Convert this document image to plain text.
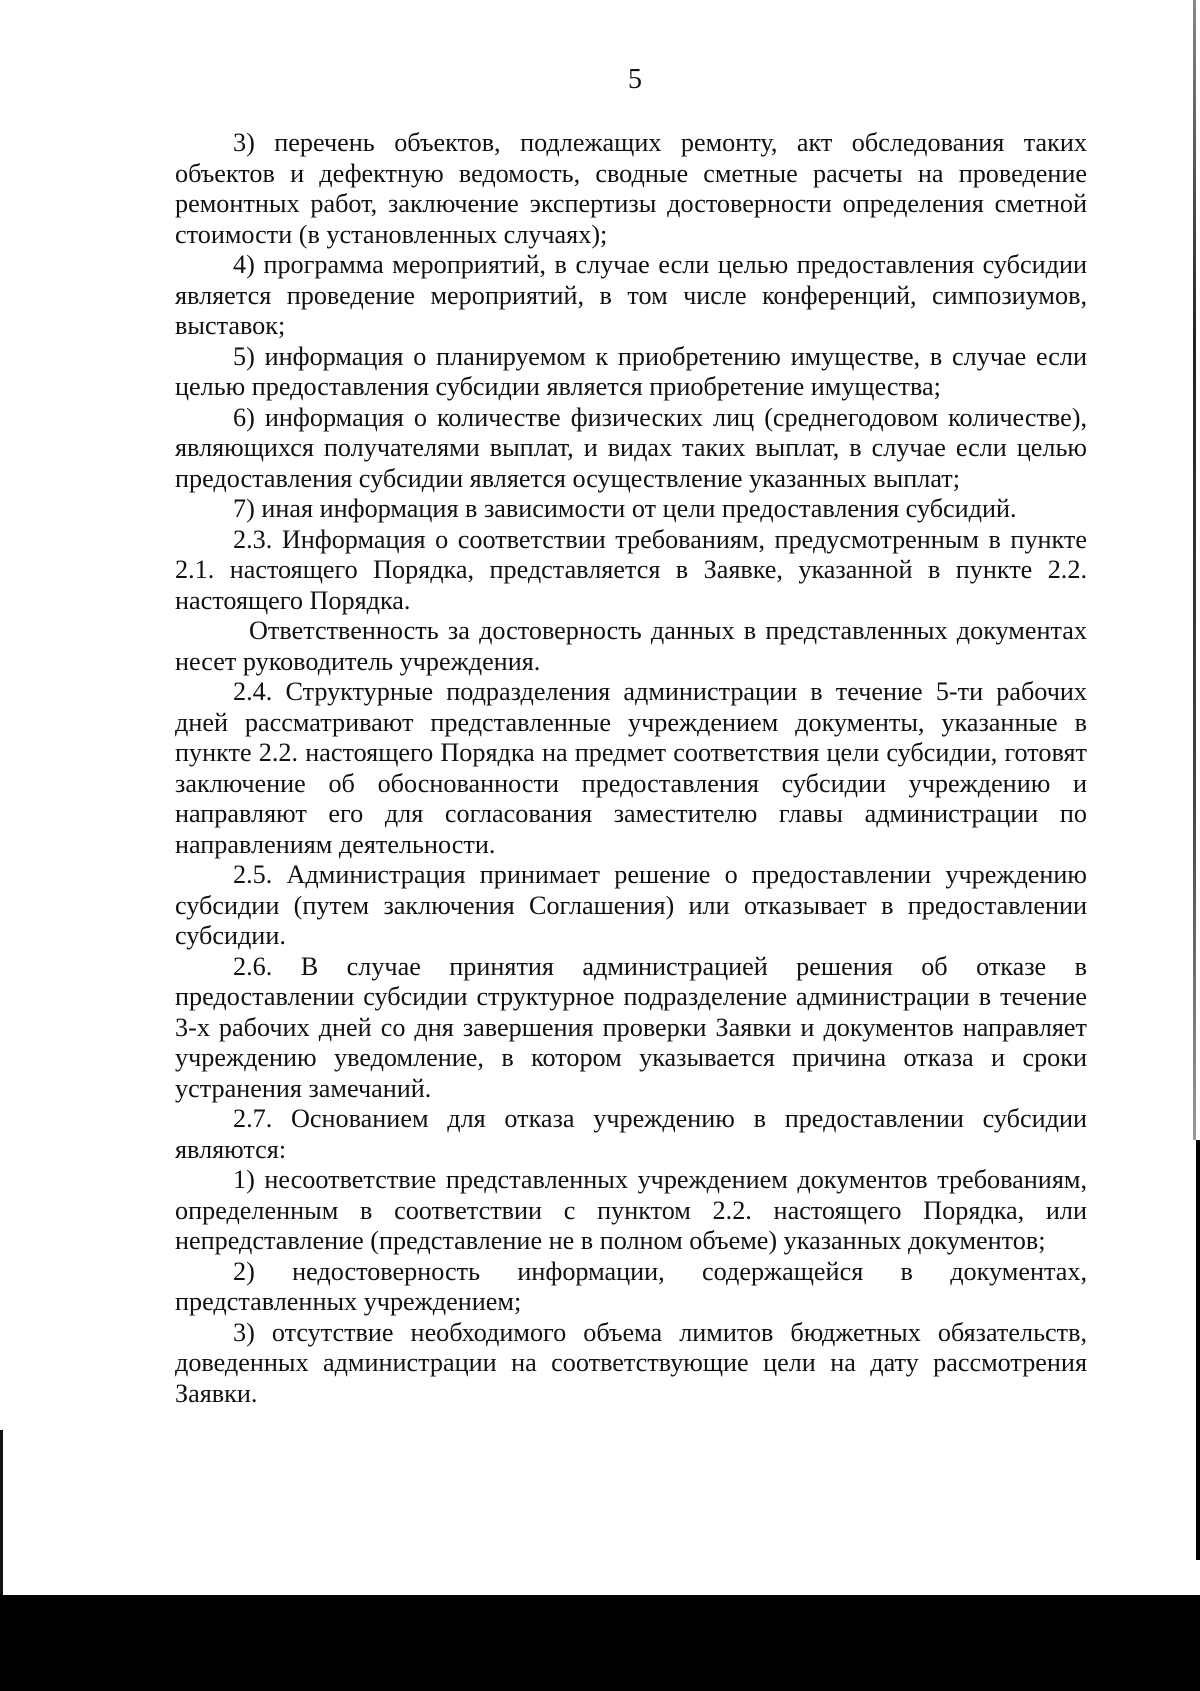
5

3) перечень объектов, подлежащих ремонту, акт обследования таких объектов и дефектную ведомость, сводные сметные расчеты на проведение ремонтных работ, заключение экспертизы достоверности определения сметной стоимости (в установленных случаях);

4) программа мероприятий, в случае если целью предоставления субсидии является проведение мероприятий, в том числе конференций, симпозиумов, выставок;

5) информация о планируемом к приобретению имуществе, в случае если целью предоставления субсидии является приобретение имущества;

6) информация о количестве физических лиц (среднегодовом количестве), являющихся получателями выплат, и видах таких выплат, в случае если целью предоставления субсидии является осуществление указанных выплат;

7) иная информация в зависимости от цели предоставления субсидий.

2.3. Информация о соответствии требованиям, предусмотренным в пункте 2.1. настоящего Порядка, представляется в Заявке, указанной в пункте 2.2. настоящего Порядка.

Ответственность за достоверность данных в представленных документах несет руководитель учреждения.

2.4. Структурные подразделения администрации в течение 5-ти рабочих дней рассматривают представленные учреждением документы, указанные в пункте 2.2. настоящего Порядка на предмет соответствия цели субсидии, готовят заключение об обоснованности предоставления субсидии учреждению и направляют его для согласования заместителю главы администрации по направлениям деятельности.

2.5. Администрация принимает решение о предоставлении учреждению субсидии (путем заключения Соглашения) или отказывает в предоставлении субсидии.

2.6. В случае принятия администрацией решения об отказе в предоставлении субсидии структурное подразделение администрации в течение 3-х рабочих дней со дня завершения проверки Заявки и документов направляет учреждению уведомление, в котором указывается причина отказа и сроки устранения замечаний.

2.7. Основанием для отказа учреждению в предоставлении субсидии являются:

1) несоответствие представленных учреждением документов требованиям, определенным в соответствии с пунктом 2.2. настоящего Порядка, или непредставление (представление не в полном объеме) указанных документов;

2) недостоверность информации, содержащейся в документах, представленных учреждением;

3) отсутствие необходимого объема лимитов бюджетных обязательств, доведенных администрации на соответствующие цели на дату рассмотрения Заявки.
